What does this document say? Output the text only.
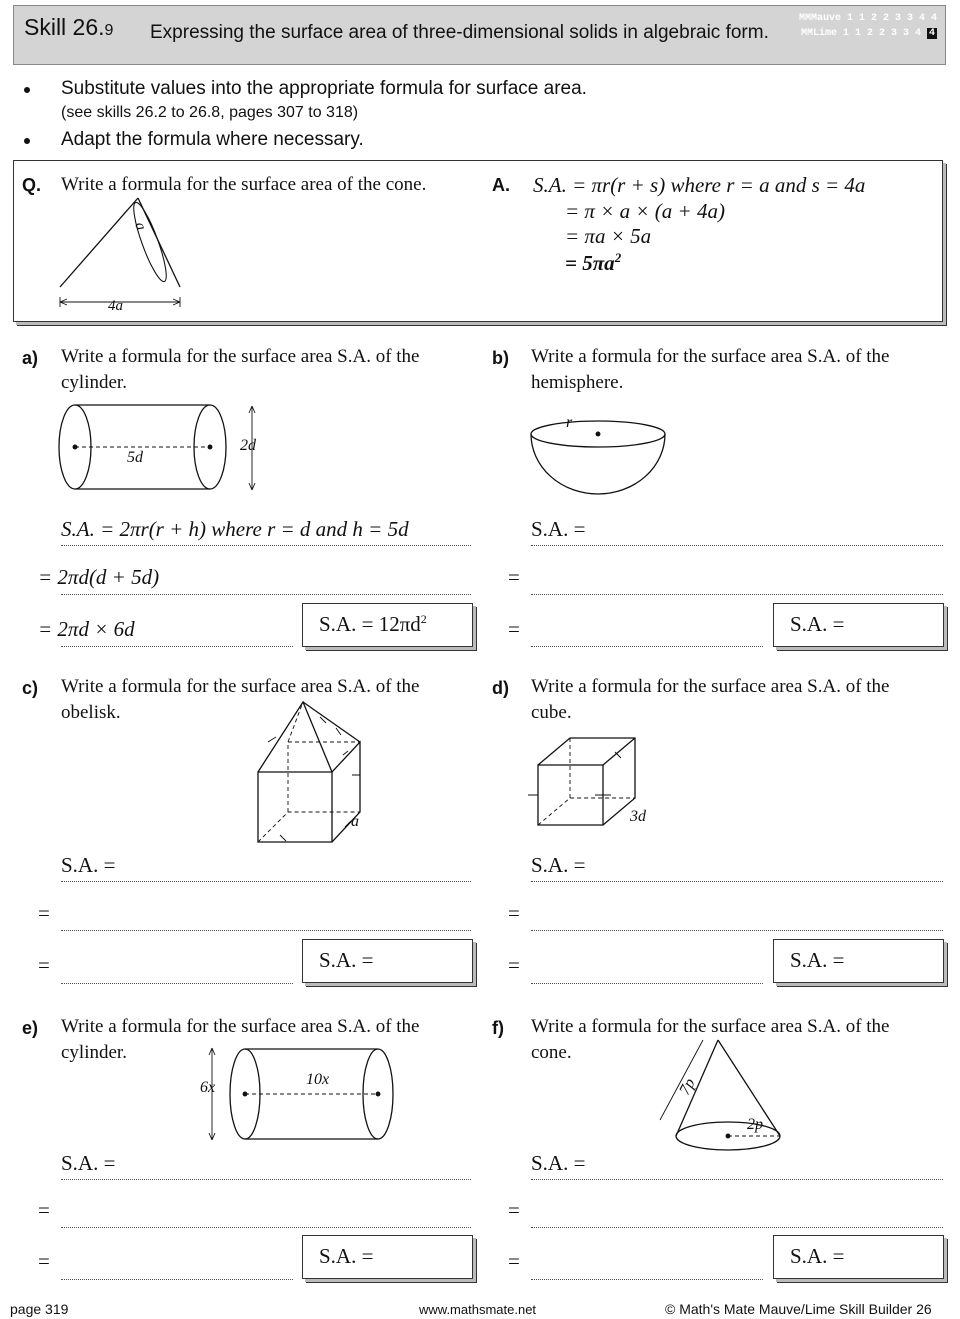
Skill 26.9 Expressing the surface area of three-dimensional solids in algebraic form.
MMMauve 1 1 2 2 3 3 4 4
MMLime 1 1 2 2 3 3 4 4
Substitute values into the appropriate formula for surface area.
(see skills 26.2 to 26.8, pages 307 to 318)
Adapt the formula where necessary.
Q. Write a formula for the surface area of the cone.	A. S.A. = πr(r + s) where r = a and s = 4a
= π × a × (a + 4a)
= πa × 5a
= $5\pi a^2$
a
4a
a) Write a formula for the surface area S.A. of the
cylinder.
5d
2d
S.A. = 2πr(r + h) where r = d and h = 5d
= 2πd(d + 5d)
= 2πd × 6d	S.A. = $12\pi d^2$
b) Write a formula for the surface area S.A. of the
hemisphere.
r
S.A. =
=
=	S.A. =
c) Write a formula for the surface area S.A. of the
obelisk.
a
S.A. =
=
=	S.A. =
d) Write a formula for the surface area S.A. of the
cube.
3d
S.A. =
=
=	S.A. =
e) Write a formula for the surface area S.A. of the
cylinder.
6x	10x
S.A. =
=
=	S.A. =
f) Write a formula for the surface area S.A. of the
cone.
7p
2p
S.A. =
=
=	S.A. =
page 319	www.mathsmate.net	© Math's Mate Mauve/Lime Skill Builder 26
